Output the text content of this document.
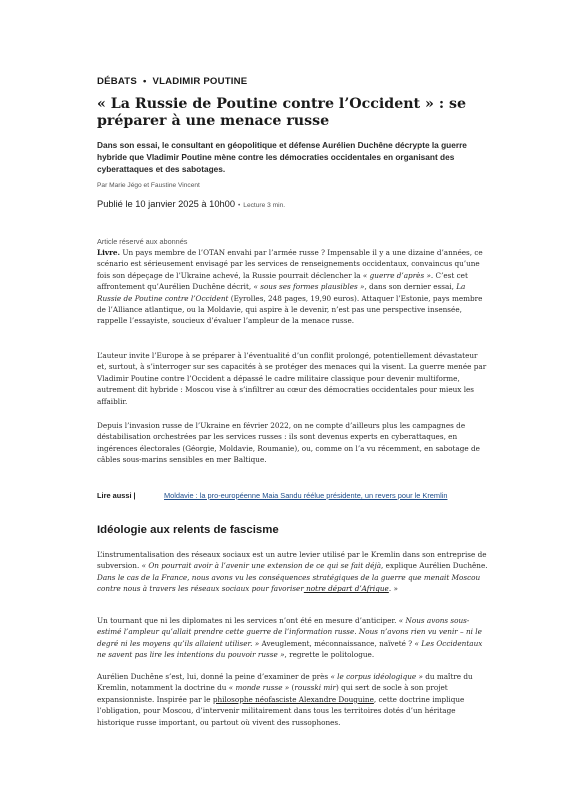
DÉBATS • VLADIMIR POUTINE
« La Russie de Poutine contre l’Occident » : se préparer à une menace russe

Dans son essai, le consultant en géopolitique et défense Aurélien Duchêne décrypte la guerre hybride que Vladimir Poutine mène contre les démocraties occidentales en organisant des cyberattaques et des sabotages.

Par Marie Jégo et Faustine Vincent
Publié le 10 janvier 2025 à 10h00 • Lecture 3 min.
Article réservé aux abonnés

Livre. Un pays membre de l’OTAN envahi par l’armée russe ? Impensable il y a une dizaine d’années, ce scénario est sérieusement envisagé par les services de renseignements occidentaux, convaincus qu’une fois son dépeçage de l’Ukraine achevé, la Russie pourrait déclencher la « guerre d’après ». C’est cet affrontement qu’Aurélien Duchêne décrit, « sous ses formes plausibles », dans son dernier essai, La Russie de Poutine contre l’Occident (Eyrolles, 248 pages, 19,90 euros). Attaquer l’Estonie, pays membre de l’Alliance atlantique, ou la Moldavie, qui aspire à le devenir, n’est pas une perspective insensée, rappelle l’essayiste, soucieux d’évaluer l’ampleur de la menace russe.

L’auteur invite l’Europe à se préparer à l’éventualité d’un conflit prolongé, potentiellement dévastateur et, surtout, à s’interroger sur ses capacités à se protéger des menaces qui la visent. La guerre menée par Vladimir Poutine contre l’Occident a dépassé le cadre militaire classique pour devenir multiforme, autrement dit hybride : Moscou vise à s’infiltrer au cœur des démocraties occidentales pour mieux les affaiblir.

Depuis l’invasion russe de l’Ukraine en février 2022, on ne compte d’ailleurs plus les campagnes de déstabilisation orchestrées par les services russes : ils sont devenus experts en cyberattaques, en ingérences électorales (Géorgie, Moldavie, Roumanie), ou, comme on l’a vu récemment, en sabotage de câbles sous-marins sensibles en mer Baltique.

Lire aussi |	Moldavie : la pro-européenne Maia Sandu réélue présidente, un revers pour le Kremlin

Idéologie aux relents de fascisme

L’instrumentalisation des réseaux sociaux est un autre levier utilisé par le Kremlin dans son entreprise de subversion. « On pourrait avoir à l’avenir une extension de ce qui se fait déjà, explique Aurélien Duchêne. Dans le cas de la France, nous avons vu les conséquences stratégiques de la guerre que menait Moscou contre nous à travers les réseaux sociaux pour favoriser notre départ d’Afrique. »

Un tournant que ni les diplomates ni les services n’ont été en mesure d’anticiper. « Nous avons sous-estimé l’ampleur qu’allait prendre cette guerre de l’information russe. Nous n’avons rien vu venir – ni le degré ni les moyens qu’ils allaient utiliser. » Aveuglement, méconnaissance, naïveté ? « Les Occidentaux ne savent pas lire les intentions du pouvoir russe », regrette le politologue.

Aurélien Duchêne s’est, lui, donné la peine d’examiner de près « le corpus idéologique » du maître du Kremlin, notamment la doctrine du « monde russe » (rousski mir) qui sert de socle à son projet expansionniste. Inspirée par le philosophe néofasciste Alexandre Douguine, cette doctrine implique l’obligation, pour Moscou, d’intervenir militairement dans tous les territoires dotés d’un héritage historique russe important, ou partout où vivent des russophones.
